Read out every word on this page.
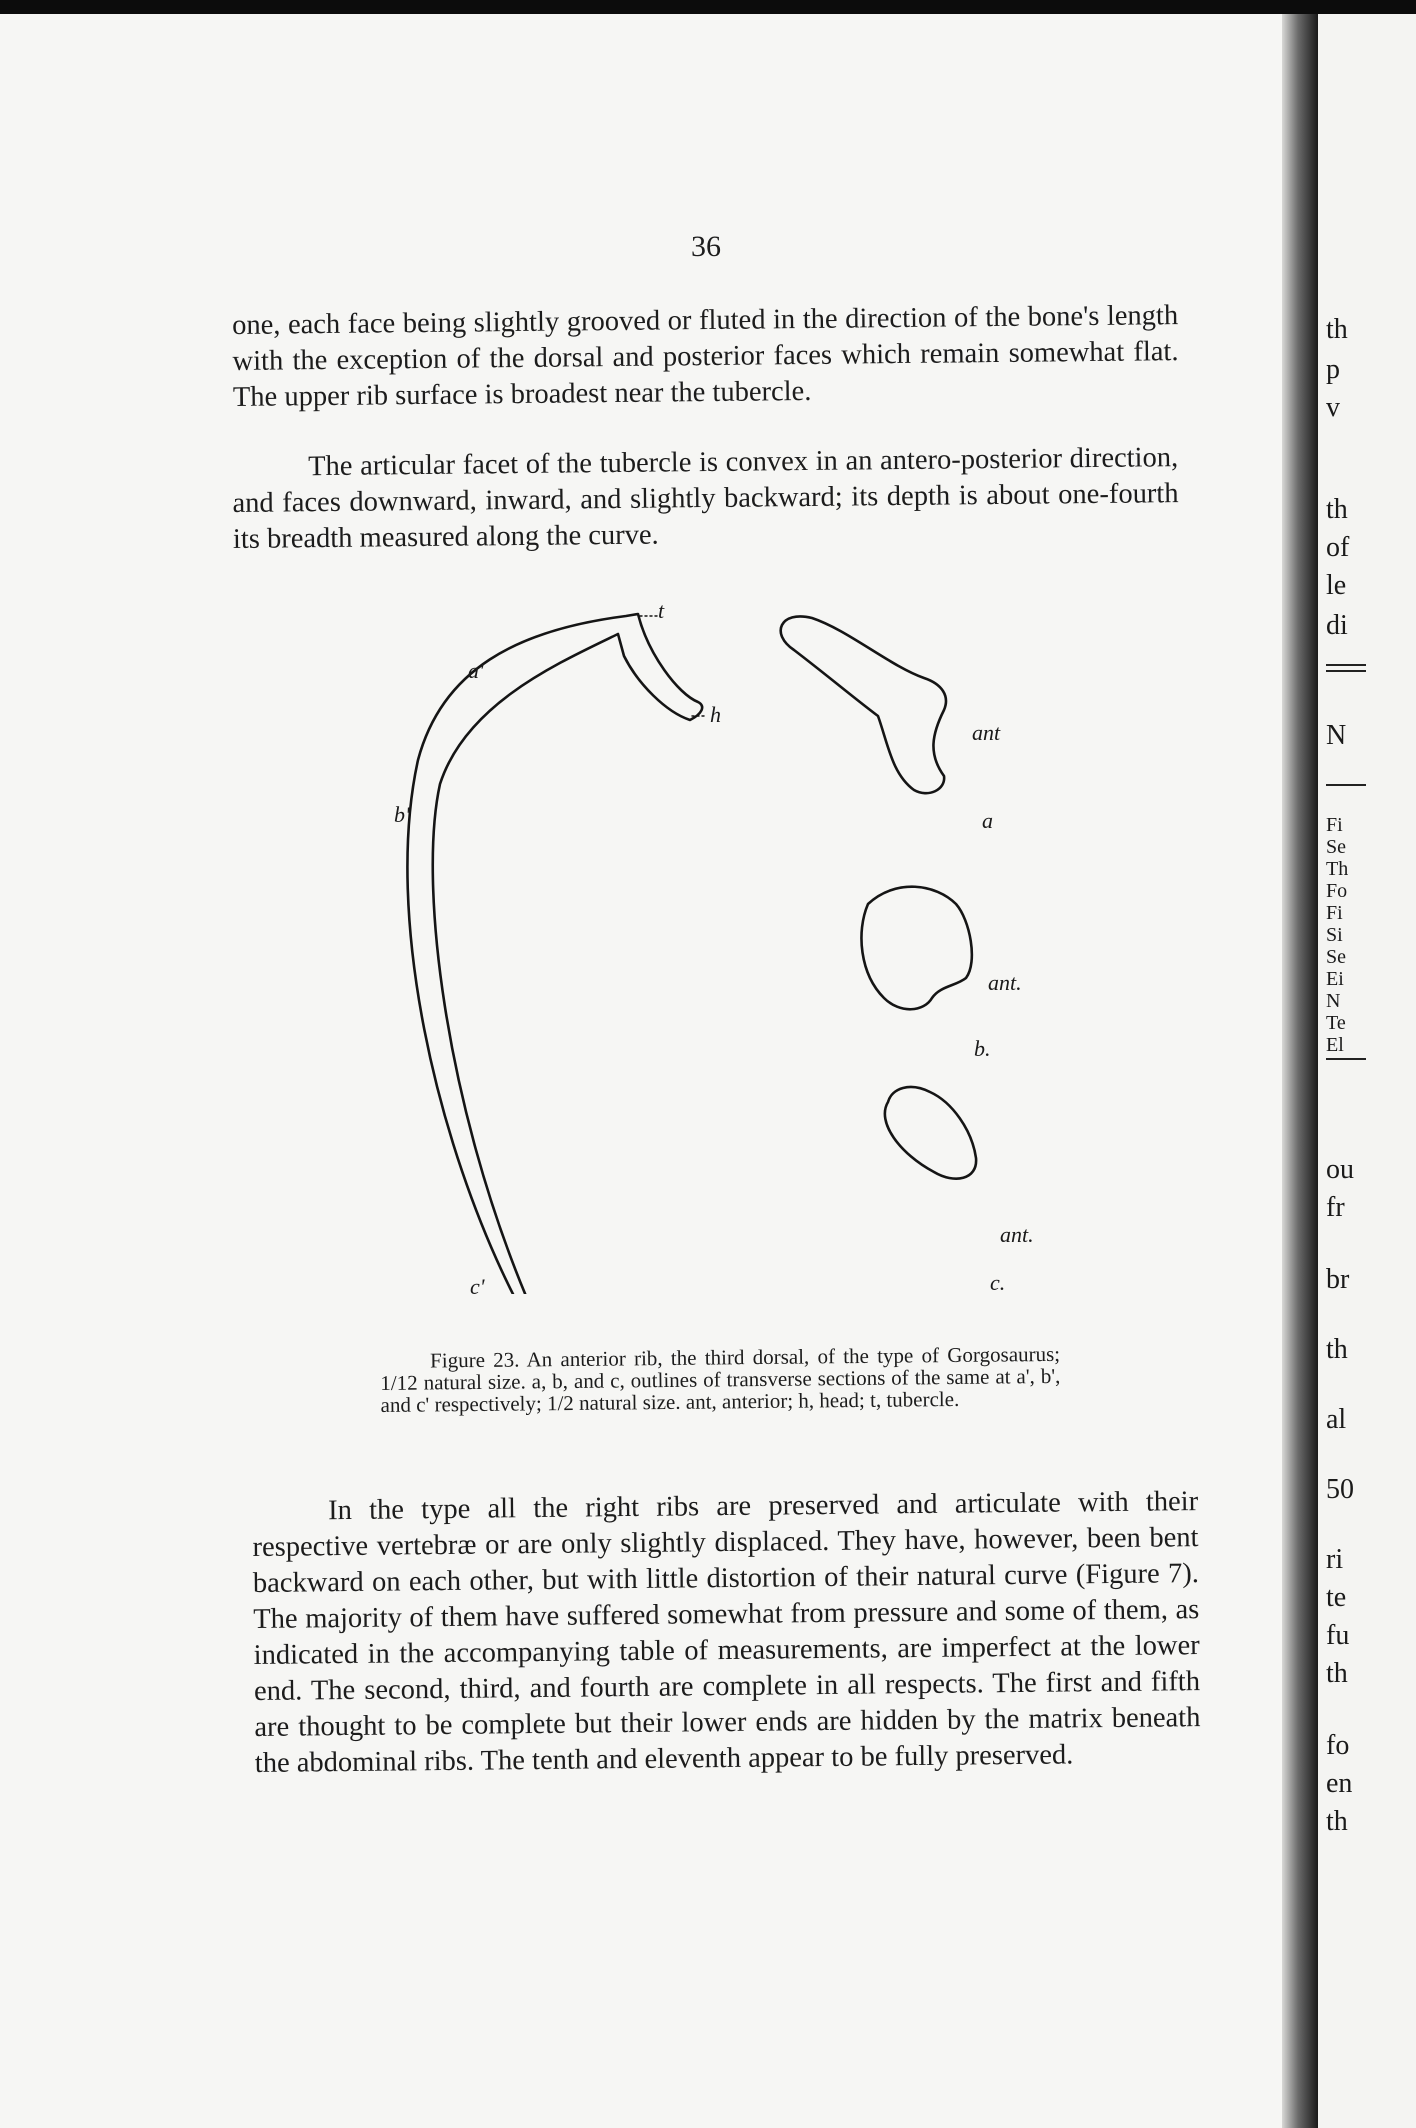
36

one, each face being slightly grooved or fluted in the direction of the bone's length with the exception of the dorsal and posterior faces which remain somewhat flat. The upper rib surface is broadest near the tubercle.

The articular facet of the tubercle is convex in an antero-posterior direction, and faces downward, inward, and slightly backward; its depth is about one-fourth its breadth measured along the curve.

t
h
a'
b'
c'
ant
a
ant.
b.
ant.
c.

Figure 23. An anterior rib, the third dorsal, of the type of Gorgosaurus; 1/12 natural size. a, b, and c, outlines of transverse sections of the same at a', b', and c' respectively; 1/2 natural size. ant, anterior; h, head; t, tubercle.

In the type all the right ribs are preserved and articulate with their respective vertebræ or are only slightly displaced. They have, however, been bent backward on each other, but with little distortion of their natural curve (Figure 7). The majority of them have suffered somewhat from pressure and some of them, as indicated in the accompanying table of measurements, are imperfect at the lower end. The second, third, and fourth are complete in all respects. The first and fifth are thought to be complete but their lower ends are hidden by the matrix beneath the abdominal ribs. The tenth and eleventh appear to be fully preserved.

th
p
v
th
of
le
di
N
Fi
Se
Th
Fo
Fi
Si
Se
Ei
N
Te
El
ou
fr
br
th
al
50
ri
te
fu
th
fo
en
th
